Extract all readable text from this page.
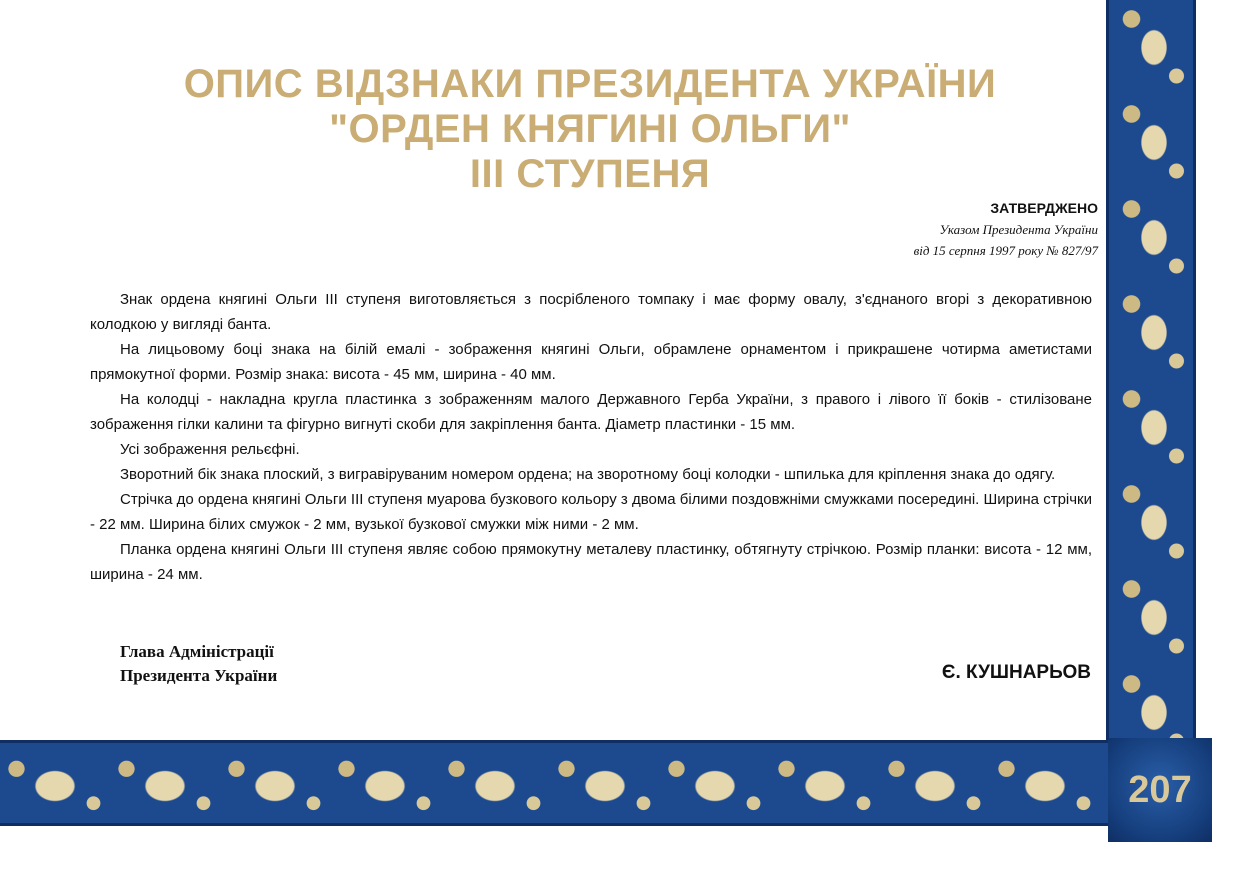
207
ОПИС ВІДЗНАКИ ПРЕЗИДЕНТА УКРАЇНИ
"ОРДЕН КНЯГИНІ ОЛЬГИ"
III СТУПЕНЯ
ЗАТВЕРДЖЕНО
Указом Президента України
від 15 серпня 1997 року № 827/97

Знак ордена княгині Ольги III ступеня виготовляється з посрібленого томпаку і має форму овалу, з'єднаного вгорі з декоративною колодкою у вигляді банта.

На лицьовому боці знака на білій емалі - зображення княгині Ольги, обрамлене орнаментом і прикрашене чотирма аметистами прямокутної форми. Розмір знака: висота - 45 мм, ширина - 40 мм.

На колодці - накладна кругла пластинка з зображенням малого Державного Герба України, з правого і лівого її боків - стилізоване зображення гілки калини та фігурно вигнуті скоби для закріплення банта. Діаметр пластинки - 15 мм.

Усі зображення рельєфні.

Зворотний бік знака плоский, з вигравіруваним номером ордена; на зворотному боці колодки - шпилька для кріплення знака до одягу.

Стрічка до ордена княгині Ольги III ступеня муарова бузкового кольору з двома білими поздовжніми смужками посередині. Ширина стрічки - 22 мм. Ширина білих смужок - 2 мм, вузької бузкової смужки між ними - 2 мм.

Планка ордена княгині Ольги III ступеня являє собою прямокутну металеву пластинку, обтягнуту стрічкою. Розмір планки: висота - 12 мм, ширина - 24 мм.

Глава Адміністрації
Президента України	Є. КУШНАРЬОВ
